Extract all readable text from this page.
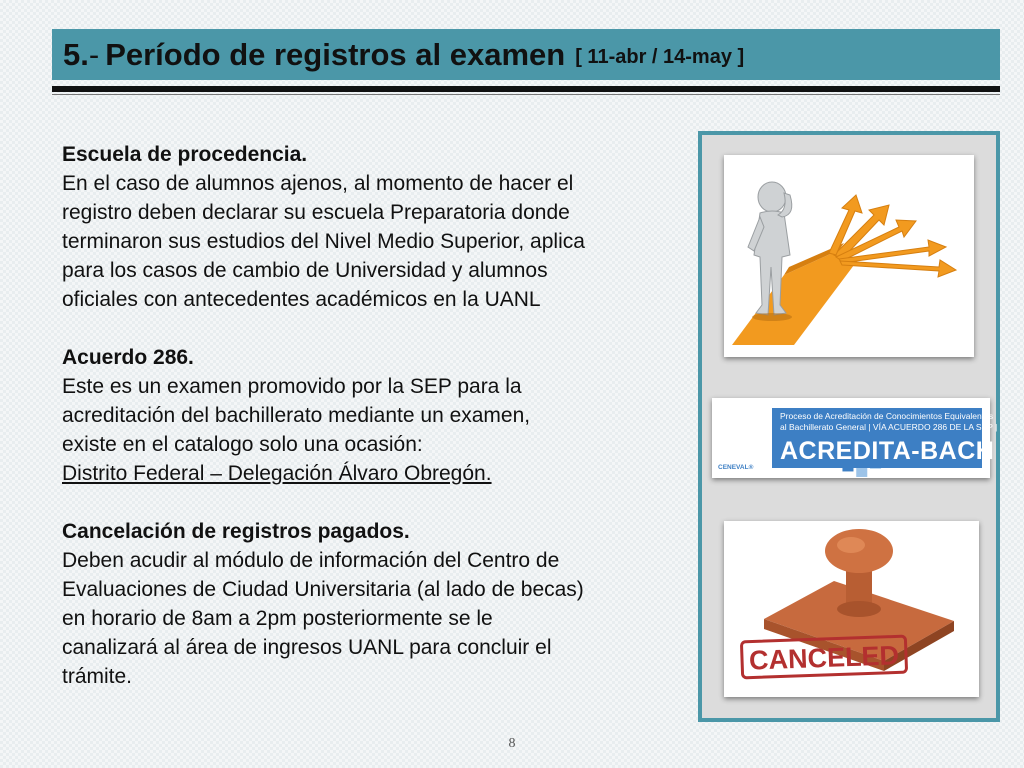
5. - Período de registros al examen [ 11-abr / 14-may ]

Escuela de procedencia.

En el caso de alumnos ajenos, al momento de hacer el

registro deben declarar su escuela Preparatoria donde

terminaron sus estudios del Nivel Medio Superior, aplica

para los casos de cambio de Universidad y alumnos

oficiales con antecedentes académicos en la UANL

Acuerdo 286.

Este es un examen promovido por la SEP para la

acreditación del bachillerato mediante un examen,

existe en el catalogo solo una ocasión:

Distrito Federal – Delegación Álvaro Obregón.

Cancelación de registros pagados.

Deben acudir al módulo de información del Centro de

Evaluaciones de Ciudad Universitaria (al lado de becas)

en horario de 8am a 2pm posteriormente se le

canalizará al área de ingresos UANL para concluir el

trámite.

CENEVAL®
Proceso de Acreditación de Conocimientos Equivalentes
al Bachillerato General | VÍA ACUERDO 286 DE LA SEP |
ACREDITA-BACH
CANCELED
8
